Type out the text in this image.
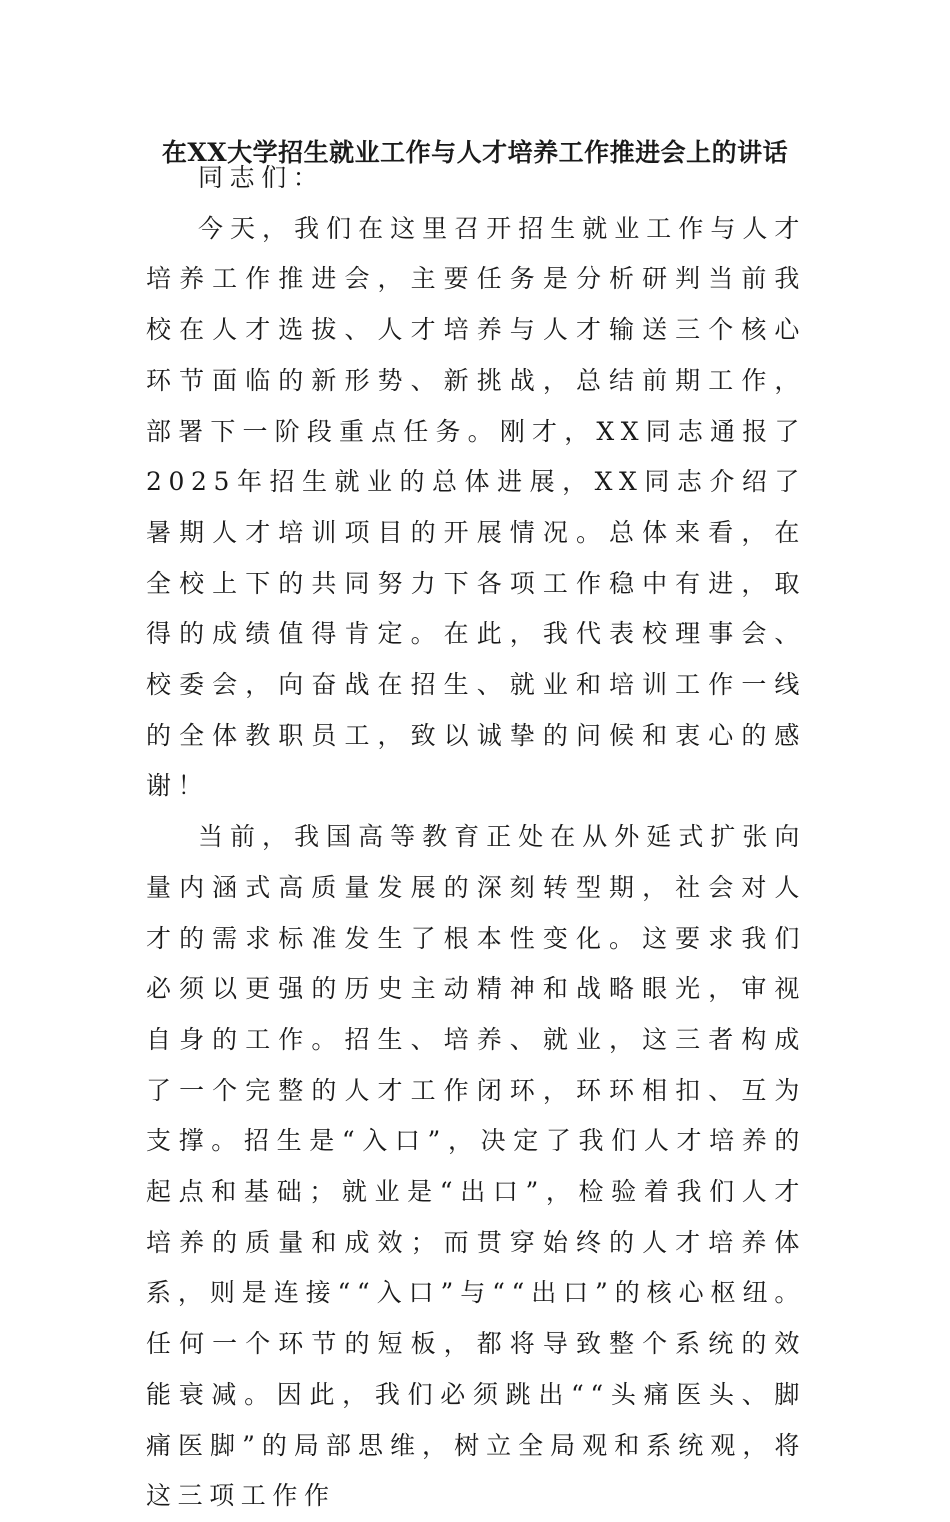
在XX大学招生就业工作与人才培养工作推进会上的讲话

同志们：

今天，我们在这里召开招生就业工作与人才培养工作推进会，主要任务是分析研判当前我校在人才选拔、人才培养与人才输送三个核心环节面临的新形势、新挑战，总结前期工作，部署下一阶段重点任务。刚才，XX同志通报了2025年招生就业的总体进展，XX同志介绍了暑期人才培训项目的开展情况。总体来看，在全校上下的共同努力下各项工作稳中有进，取得的成绩值得肯定。在此，我代表校理事会、校委会，向奋战在招生、就业和培训工作一线的全体教职员工，致以诚挚的问候和衷心的感谢！

当前，我国高等教育正处在从外延式扩张向量内涵式高质量发展的深刻转型期，社会对人才的需求标准发生了根本性变化。这要求我们必须以更强的历史主动精神和战略眼光，审视自身的工作。招生、培养、就业，这三者构成了一个完整的人才工作闭环，环环相扣、互为支撑。招生是“入口”，决定了我们人才培养的起点和基础；就业是“出口”，检验着我们人才培养的质量和成效；而贯穿始终的人才培养体系，则是连接““入口”与““出口”的核心枢纽。任何一个环节的短板，都将导致整个系统的效能衰减。因此，我们必须跳出““头痛医头、脚痛医脚”的局部思维，树立全局观和系统观，将这三项工作作
